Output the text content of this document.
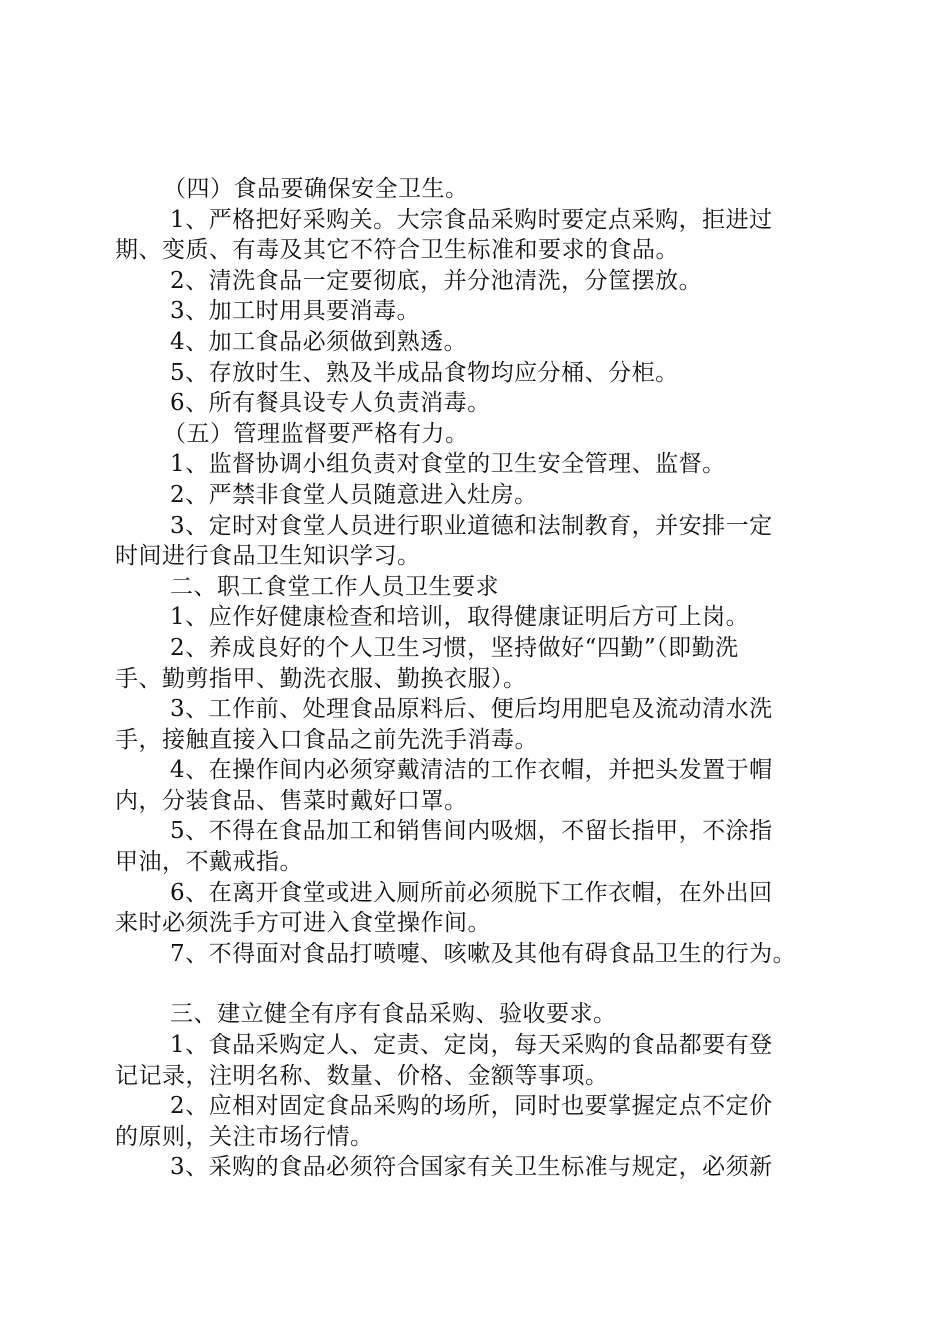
（四）食品要确保安全卫生。
1、严格把好采购关。大宗食品采购时要定点采购，拒进过
期、变质、有毒及其它不符合卫生标准和要求的食品。
2、清洗食品一定要彻底，并分池清洗，分筐摆放。
3、加工时用具要消毒。
4、加工食品必须做到熟透。
5、存放时生、熟及半成品食物均应分桶、分柜。
6、所有餐具设专人负责消毒。
（五）管理监督要严格有力。
1、监督协调小组负责对食堂的卫生安全管理、监督。
2、严禁非食堂人员随意进入灶房。
3、定时对食堂人员进行职业道德和法制教育，并安排一定
时间进行食品卫生知识学习。
二、职工食堂工作人员卫生要求
1、应作好健康检查和培训，取得健康证明后方可上岗。
2、养成良好的个人卫生习惯，坚持做好“四勤”（即勤洗
手、勤剪指甲、勤洗衣服、勤换衣服）。
3、工作前、处理食品原料后、便后均用肥皂及流动清水洗
手，接触直接入口食品之前先洗手消毒。
4、在操作间内必须穿戴清洁的工作衣帽，并把头发置于帽
内，分装食品、售菜时戴好口罩。
5、不得在食品加工和销售间内吸烟，不留长指甲，不涂指
甲油，不戴戒指。
6、在离开食堂或进入厕所前必须脱下工作衣帽，在外出回
来时必须洗手方可进入食堂操作间。
7、不得面对食品打喷嚏、咳嗽及其他有碍食品卫生的行为。
三、建立健全有序有食品采购、验收要求。
1、食品采购定人、定责、定岗，每天采购的食品都要有登
记记录，注明名称、数量、价格、金额等事项。
2、应相对固定食品采购的场所，同时也要掌握定点不定价
的原则，关注市场行情。
3、采购的食品必须符合国家有关卫生标准与规定，必须新
